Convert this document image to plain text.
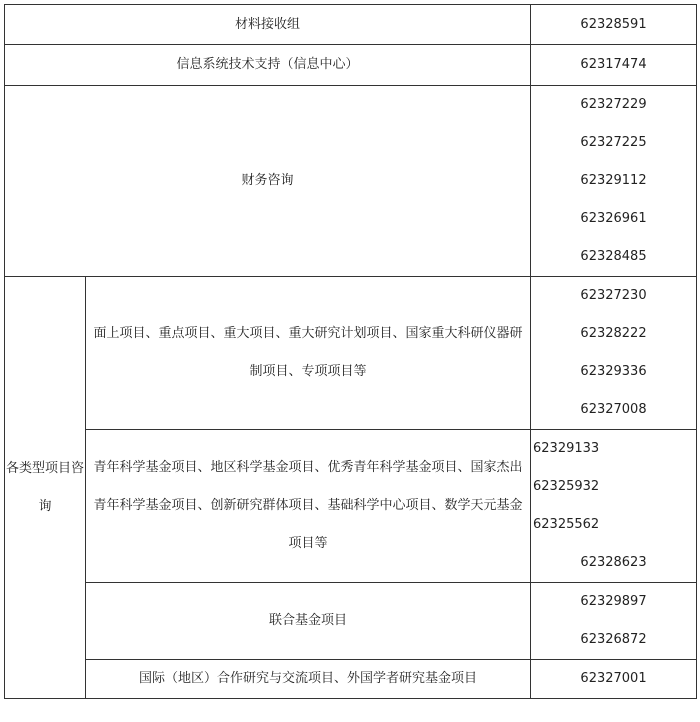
材料接收组		62328591

信息系统技术支持（信息中心）		62317474

财务咨询		62327229
62327225
62329112
62326961
62328485

各类型项目咨询	面上项目、重点项目、重大项目、重大研究计划项目、国家重大科研仪器研制项目、专项项目等	62327230
62328222
62329336
62327008

	青年科学基金项目、地区科学基金项目、优秀青年科学基金项目、国家杰出青年科学基金项目、创新研究群体项目、基础科学中心项目、数学天元基金项目等	62329133
62325932
62325562
62328623

	联合基金项目	62329897
62326872

	国际（地区）合作研究与交流项目、外国学者研究基金项目	62327001
